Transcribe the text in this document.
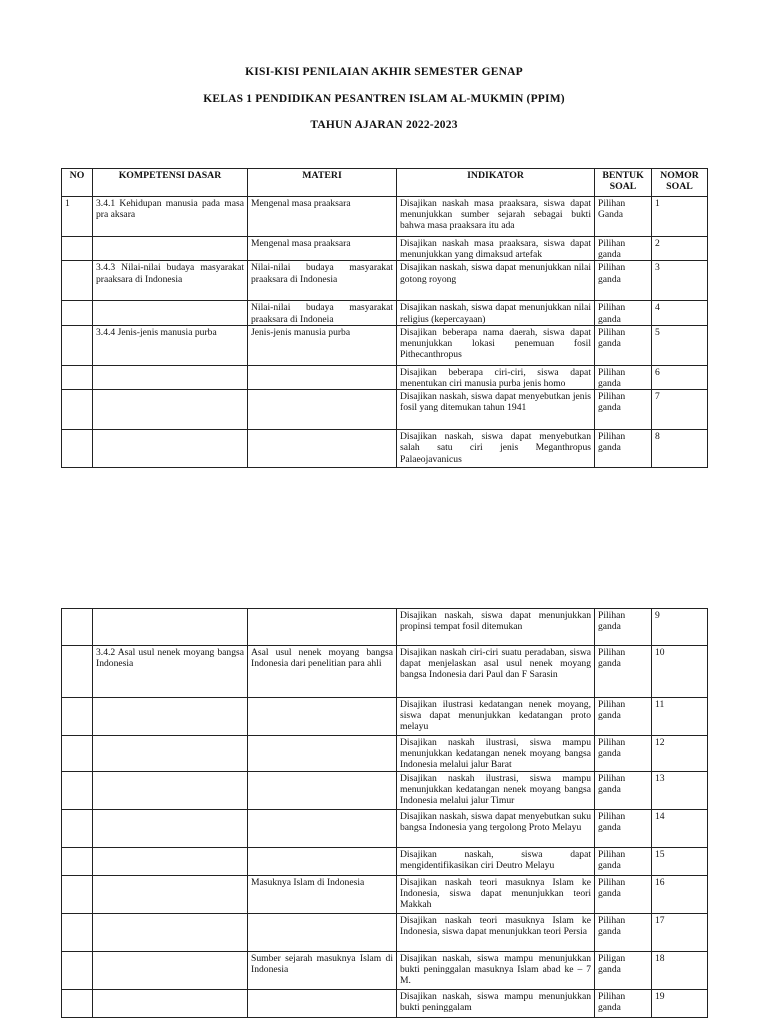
KISI-KISI PENILAIAN AKHIR SEMESTER GENAP
KELAS 1 PENDIDIKAN PESANTREN ISLAM AL-MUKMIN (PPIM)
TAHUN AJARAN 2022-2023
NO	KOMPETENSI DASAR	MATERI	INDIKATOR	BENTUK SOAL	NOMOR SOAL
1	3.4.1 Kehidupan manusia pada masa pra aksara	Mengenal masa praaksara	Disajikan naskah masa praaksara, siswa dapat menunjukkan sumber sejarah sebagai bukti bahwa masa praaksara itu ada	Pilihan Ganda	1
		Mengenal masa praaksara	Disajikan naskah masa praaksara, siswa dapat menunjukkan yang dimaksud artefak	Pilihan ganda	2
	3.4.3 Nilai-nilai budaya masyarakat praaksara di Indonesia	Nilai-nilai budaya masyarakat praaksara di Indonesia	Disajikan naskah, siswa dapat menunjukkan nilai gotong royong	Pilihan ganda	3
		Nilai-nilai budaya masyarakat praaksara di Indoneia	Disajikan naskah, siswa dapat menunjukkan nilai religius (kepercayaan)	Pilihan ganda	4
	3.4.4 Jenis-jenis manusia purba	Jenis-jenis manusia purba	Disajikan beberapa nama daerah, siswa dapat menunjukkan lokasi penemuan fosil Pithecanthropus	Pilihan ganda	5
			Disajikan beberapa ciri-ciri, siswa dapat menentukan ciri manusia purba jenis homo	Pilihan ganda	6
			Disajikan naskah, siswa dapat menyebutkan jenis fosil yang ditemukan tahun 1941	Pilihan ganda	7
			Disajikan naskah, siswa dapat menyebutkan salah satu ciri jenis Meganthropus Palaeojavanicus	Pilihan ganda	8
			Disajikan naskah, siswa dapat menunjukkan propinsi tempat fosil ditemukan	Pilihan ganda	9
	3.4.2 Asal usul nenek moyang bangsa Indonesia	Asal usul nenek moyang bangsa Indonesia dari penelitian para ahli	Disajikan naskah ciri-ciri suatu peradaban, siswa dapat menjelaskan asal usul nenek moyang bangsa Indonesia dari Paul dan F Sarasin	Pilihan ganda	10
			Disajikan ilustrasi kedatangan nenek moyang, siswa dapat menunjukkan kedatangan proto melayu	Pilihan ganda	11
			Disajikan naskah ilustrasi, siswa mampu menunjukkan kedatangan nenek moyang bangsa Indonesia melalui jalur Barat	Pilihan ganda	12
			Disajikan naskah ilustrasi, siswa mampu menunjukkan kedatangan nenek moyang bangsa Indonesia melalui jalur Timur	Pilihan ganda	13
			Disajikan naskah, siswa dapat menyebutkan suku bangsa Indonesia yang tergolong Proto Melayu	Pilihan ganda	14
			Disajikan naskah, siswa dapat mengidentifikasikan ciri Deutro Melayu	Pilihan ganda	15
		Masuknya Islam di Indonesia	Disajikan naskah teori masuknya Islam ke Indonesia, siswa dapat menunjukkan teori Makkah	Pilihan ganda	16
			Disajikan naskah teori masuknya Islam ke Indonesia, siswa dapat menunjukkan teori Persia	Pilihan ganda	17
		Sumber sejarah masuknya Islam di Indonesia	Disajikan naskah, siswa mampu menunjukkan bukti peninggalan masuknya Islam abad ke – 7 M.	Piligan ganda	18
			Disajikan naskah, siswa mampu menunjukkan bukti peninggalam	Pilihan ganda	19
